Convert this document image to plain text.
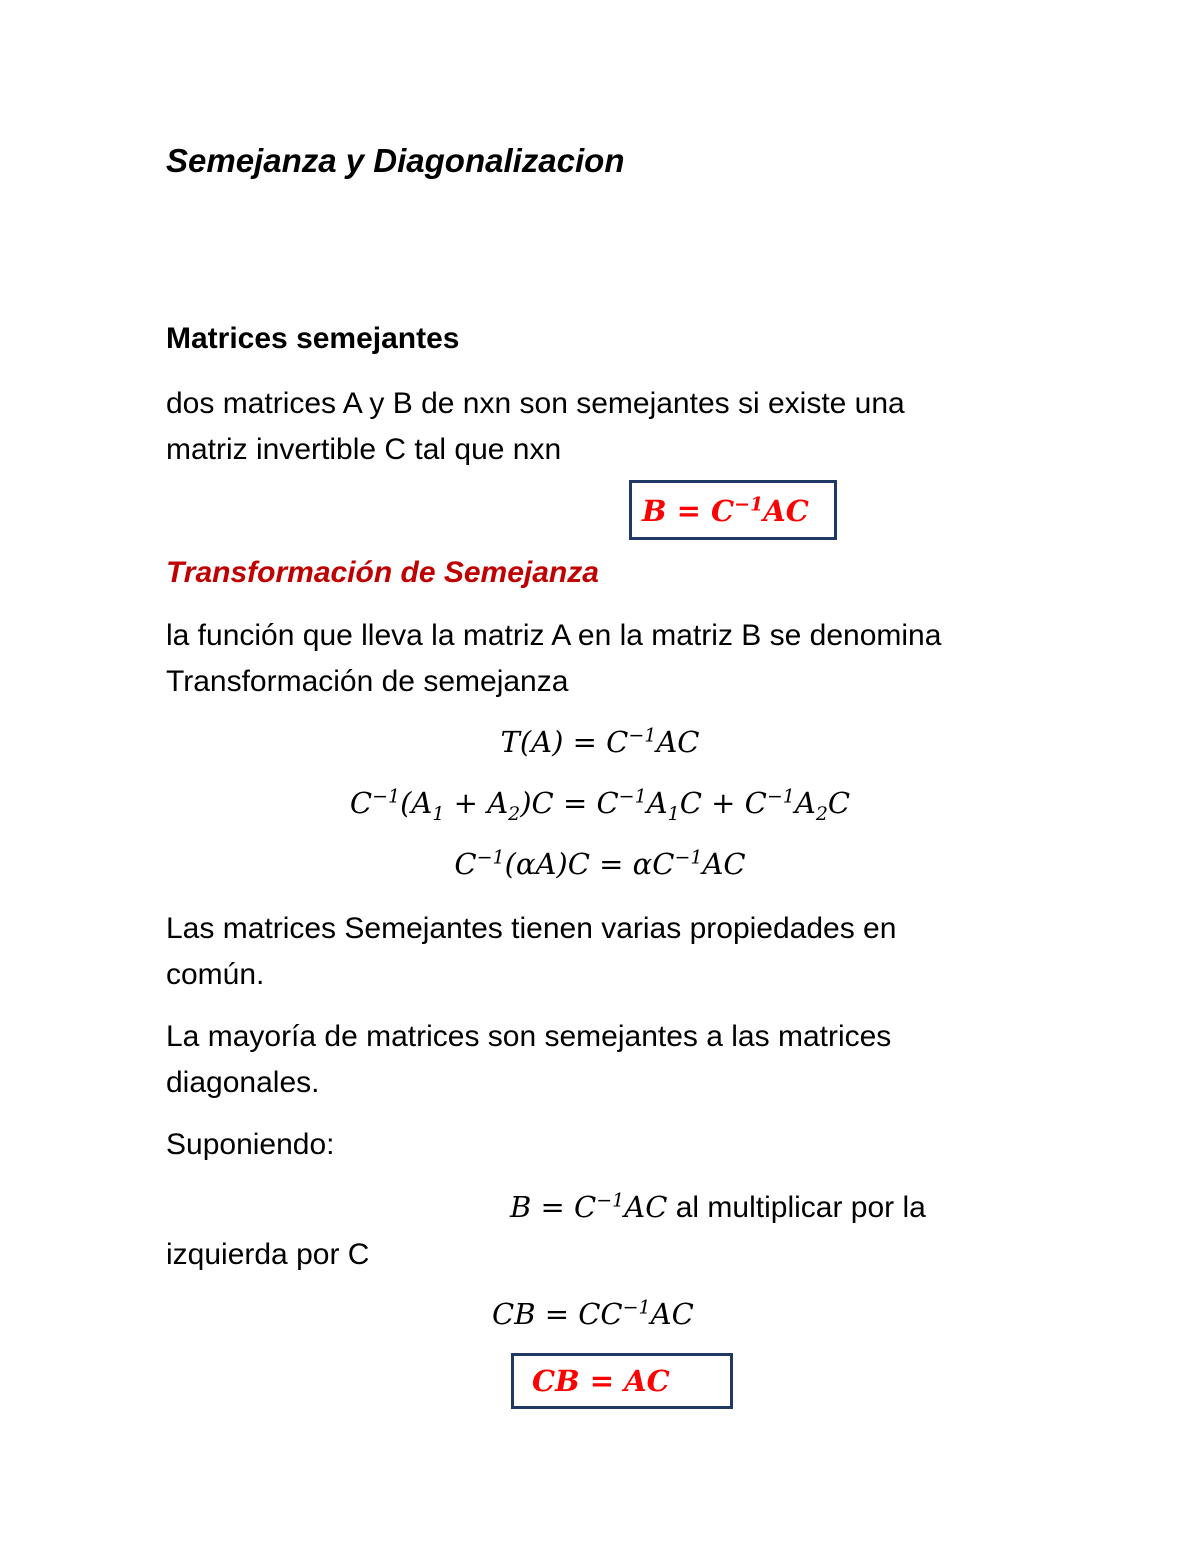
Semejanza y Diagonalizacion
Matrices semejantes
dos matrices A y B de nxn son semejantes si existe una
matriz invertible C tal que nxn
$B = C^{-1}AC$
Transformación de Semejanza
la función que lleva la matriz A en la matriz B se denomina
Transformación de semejanza
$T(A) = C^{-1}AC$
$C^{-1}(A_1 + A_2)C = C^{-1}A_1C + C^{-1}A_2C$
$C^{-1}(\alpha A)C = \alpha C^{-1}AC$
Las matrices Semejantes tienen varias propiedades en
común.
La mayoría de matrices son semejantes a las matrices
diagonales.
Suponiendo:
$B = C^{-1}AC$ al multiplicar por la
izquierda por C
CB = $CC^{-1}AC$
CB = AC
